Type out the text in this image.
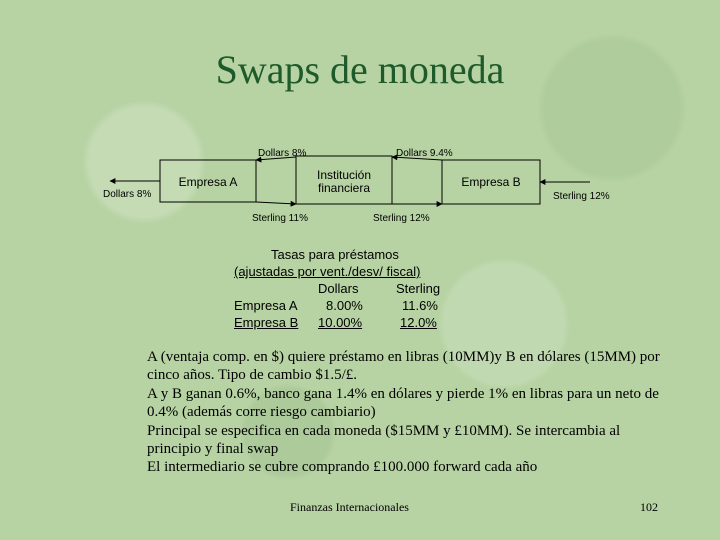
Swaps de moneda
Empresa A	Institución
financiera	Empresa B
Dollars 8%	Dollars 9.4%
Dollars 8%	Sterling 12%
Sterling 11%	Sterling 12%
Tasas para préstamos
(ajustadas por vent./desv/ fiscal)
Dollars	Sterling
Empresa A 8.00%	11.6%
Empresa B 10.00%	12.0%

A (ventaja comp. en $) quiere préstamo en libras (10MM)y B en dólares (15MM) por cinco años. Tipo de cambio $1.5/£.

A y B ganan 0.6%, banco gana 1.4% en dólares y pierde 1% en libras para un neto de 0.4% (además corre riesgo cambiario)

Principal se especifica en cada moneda ($15MM y £10MM). Se intercambia al principio y final swap

El intermediario se cubre comprando £100.000 forward cada año

Finanzas Internacionales	102
